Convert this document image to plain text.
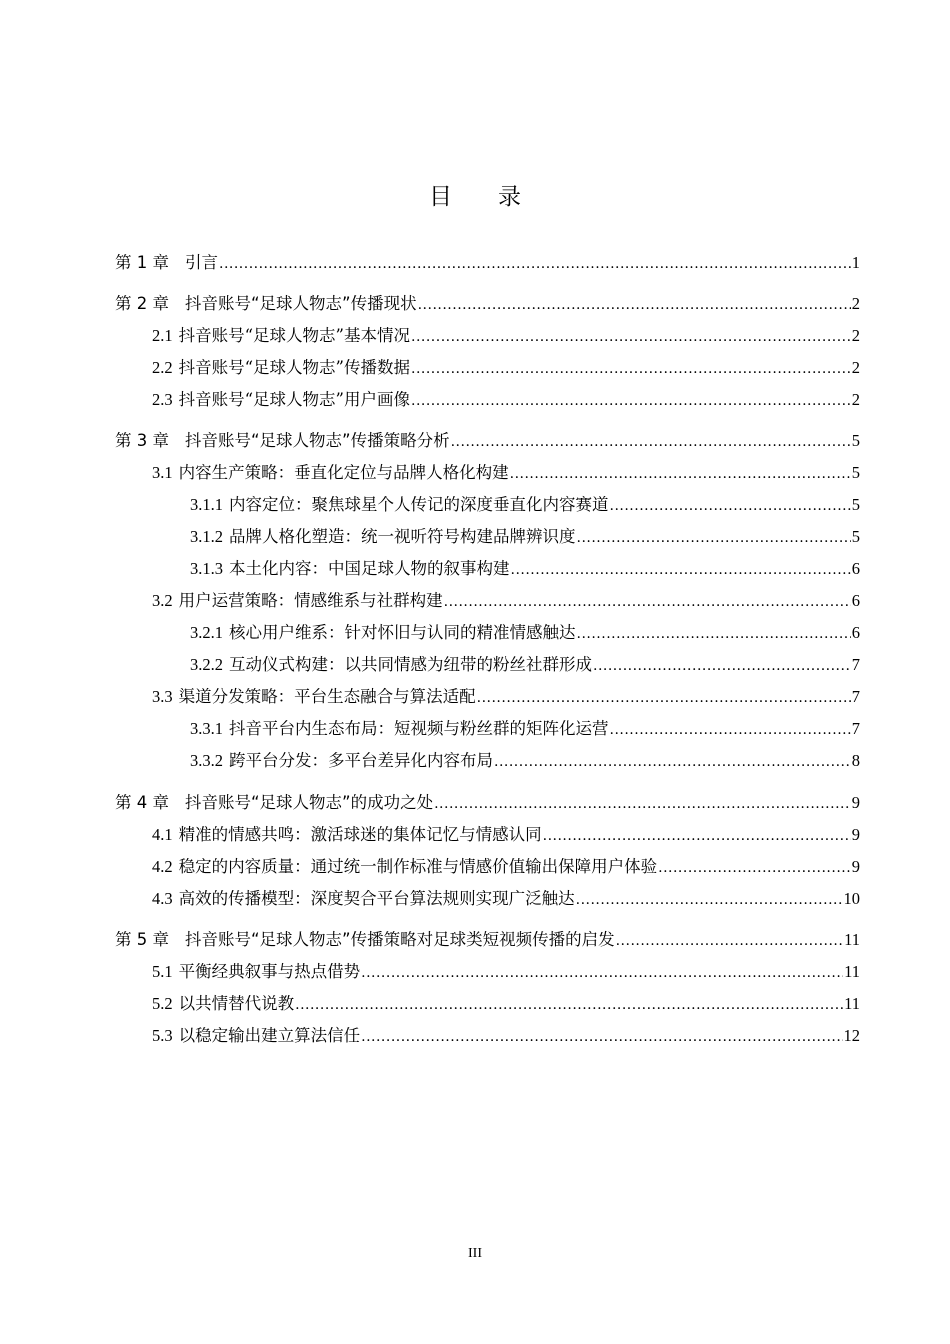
目 录
第 1 章 引言 .....	1
第 2 章 抖音账号“足球人物志”传播现状 .....	2
2.1 抖音账号“足球人物志”基本情况 .....	2
2.2 抖音账号“足球人物志”传播数据 .....	2
2.3 抖音账号“足球人物志”用户画像 .....	2
第 3 章 抖音账号“足球人物志”传播策略分析 .....	5
3.1 内容生产策略：垂直化定位与品牌人格化构建 .....	5
3.1.1 内容定位：聚焦球星个人传记的深度垂直化内容赛道 .....	5
3.1.2 品牌人格化塑造：统一视听符号构建品牌辨识度 .....	5
3.1.3 本土化内容：中国足球人物的叙事构建 .....	6
3.2 用户运营策略：情感维系与社群构建 .....	6
3.2.1 核心用户维系：针对怀旧与认同的精准情感触达 .....	6
3.2.2 互动仪式构建：以共同情感为纽带的粉丝社群形成 .....	7
3.3 渠道分发策略：平台生态融合与算法适配 .....	7
3.3.1 抖音平台内生态布局：短视频与粉丝群的矩阵化运营 .....	7
3.3.2 跨平台分发：多平台差异化内容布局 .....	8
第 4 章 抖音账号“足球人物志”的成功之处 .....	9
4.1 精准的情感共鸣：激活球迷的集体记忆与情感认同 .....	9
4.2 稳定的内容质量：通过统一制作标准与情感价值输出保障用户体验 .....	9
4.3 高效的传播模型：深度契合平台算法规则实现广泛触达 .....	10
第 5 章 抖音账号“足球人物志”传播策略对足球类短视频传播的启发 .....	11
5.1 平衡经典叙事与热点借势 .....	11
5.2 以共情替代说教 .....	11
5.3 以稳定输出建立算法信任 .....	12
III
